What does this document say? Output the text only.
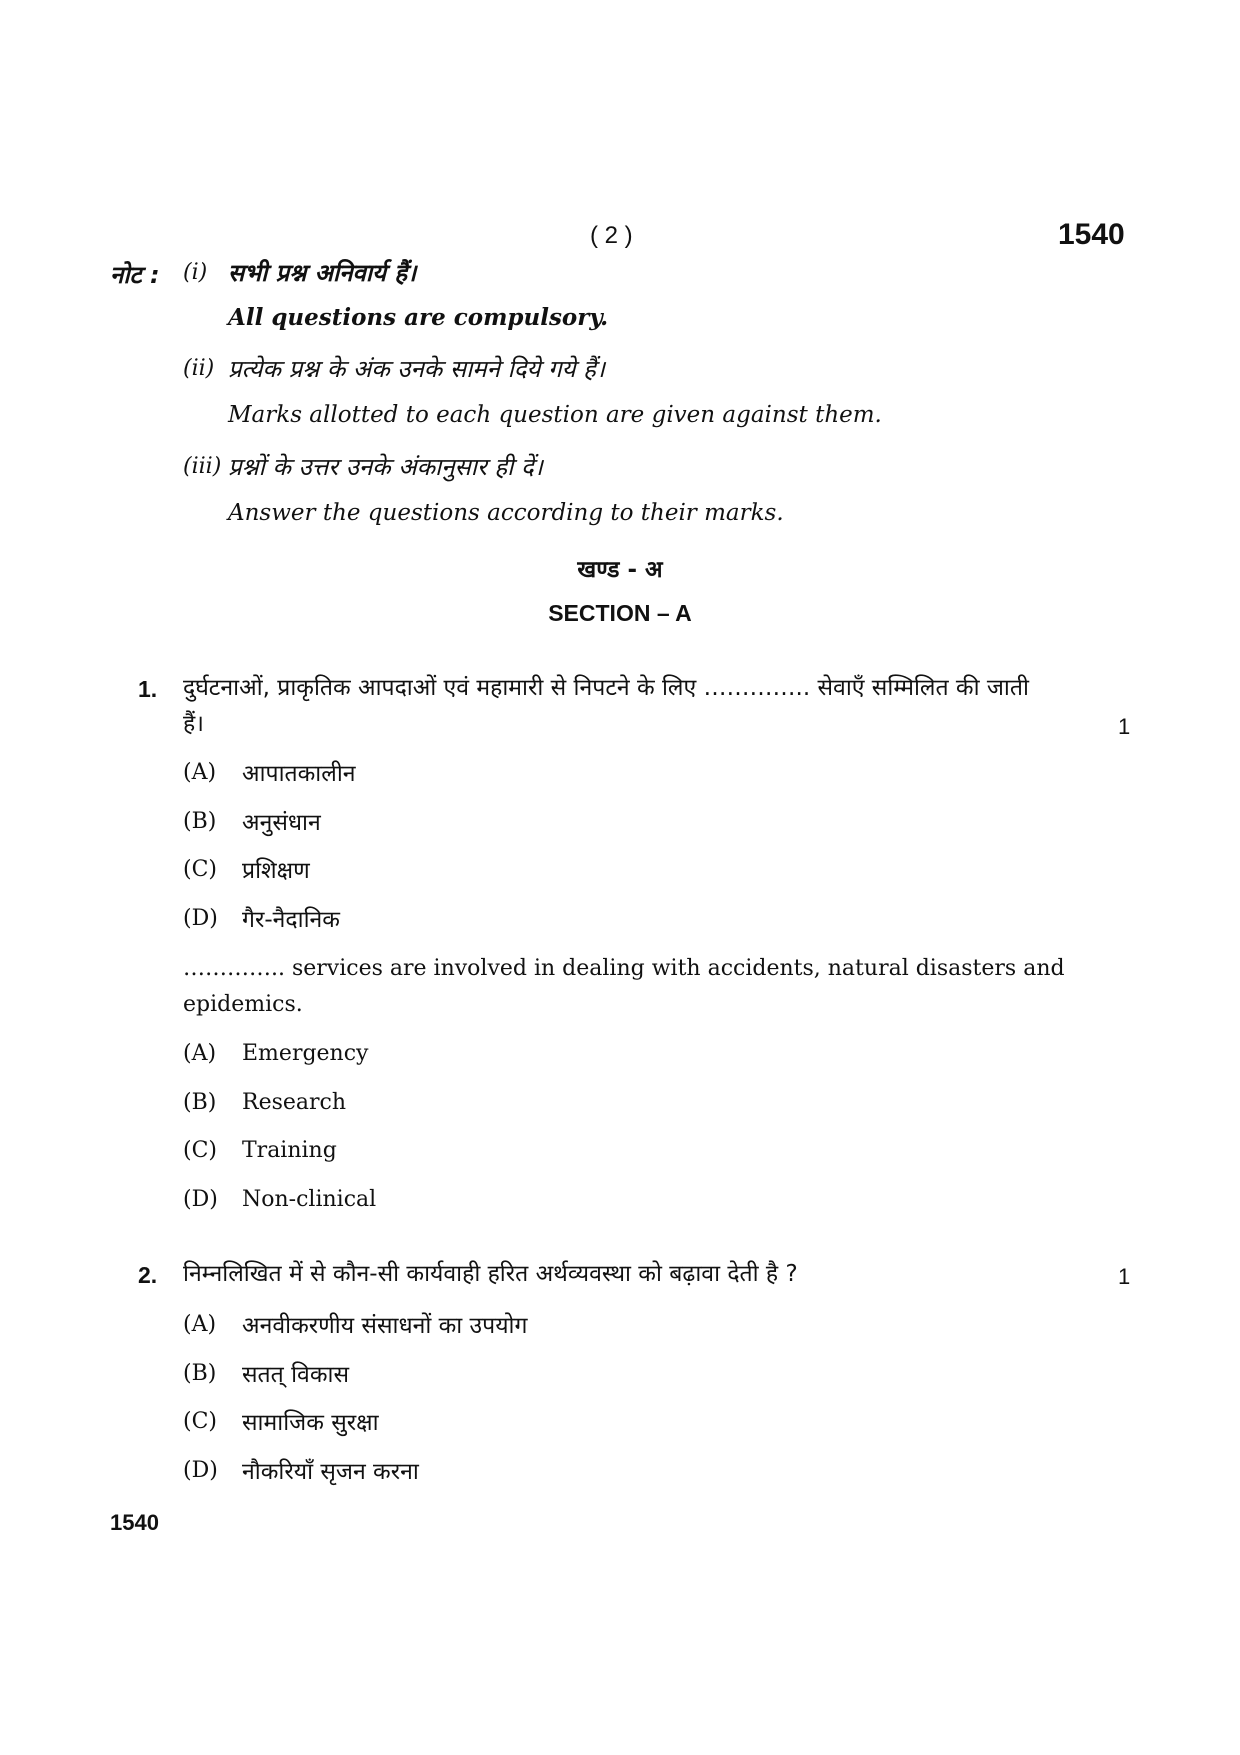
( 2 )	1540
नोट : (i) सभी प्रश्न अनिवार्य हैं।
All questions are compulsory.
(ii) प्रत्येक प्रश्न के अंक उनके सामने दिये गये हैं।
Marks allotted to each question are given against them.
(iii) प्रश्नों के उत्तर उनके अंकानुसार ही दें।
Answer the questions according to their marks.
खण्ड - अ
SECTION – A
1. दुर्घटनाओं, प्राकृतिक आपदाओं एवं महामारी से निपटने के लिए ………….. सेवाएँ सम्मिलित की जाती
हैं।	1
(A) आपातकालीन
(B) अनुसंधान
(C) प्रशिक्षण
(D) गैर-नैदानिक
………….. services are involved in dealing with accidents, natural disasters and
epidemics.
(A) Emergency
(B) Research
(C) Training
(D) Non-clinical
2. निम्नलिखित में से कौन-सी कार्यवाही हरित अर्थव्यवस्था को बढ़ावा देती है ?	1
(A) अनवीकरणीय संसाधनों का उपयोग
(B) सतत् विकास
(C) सामाजिक सुरक्षा
(D) नौकरियाँ सृजन करना
1540
